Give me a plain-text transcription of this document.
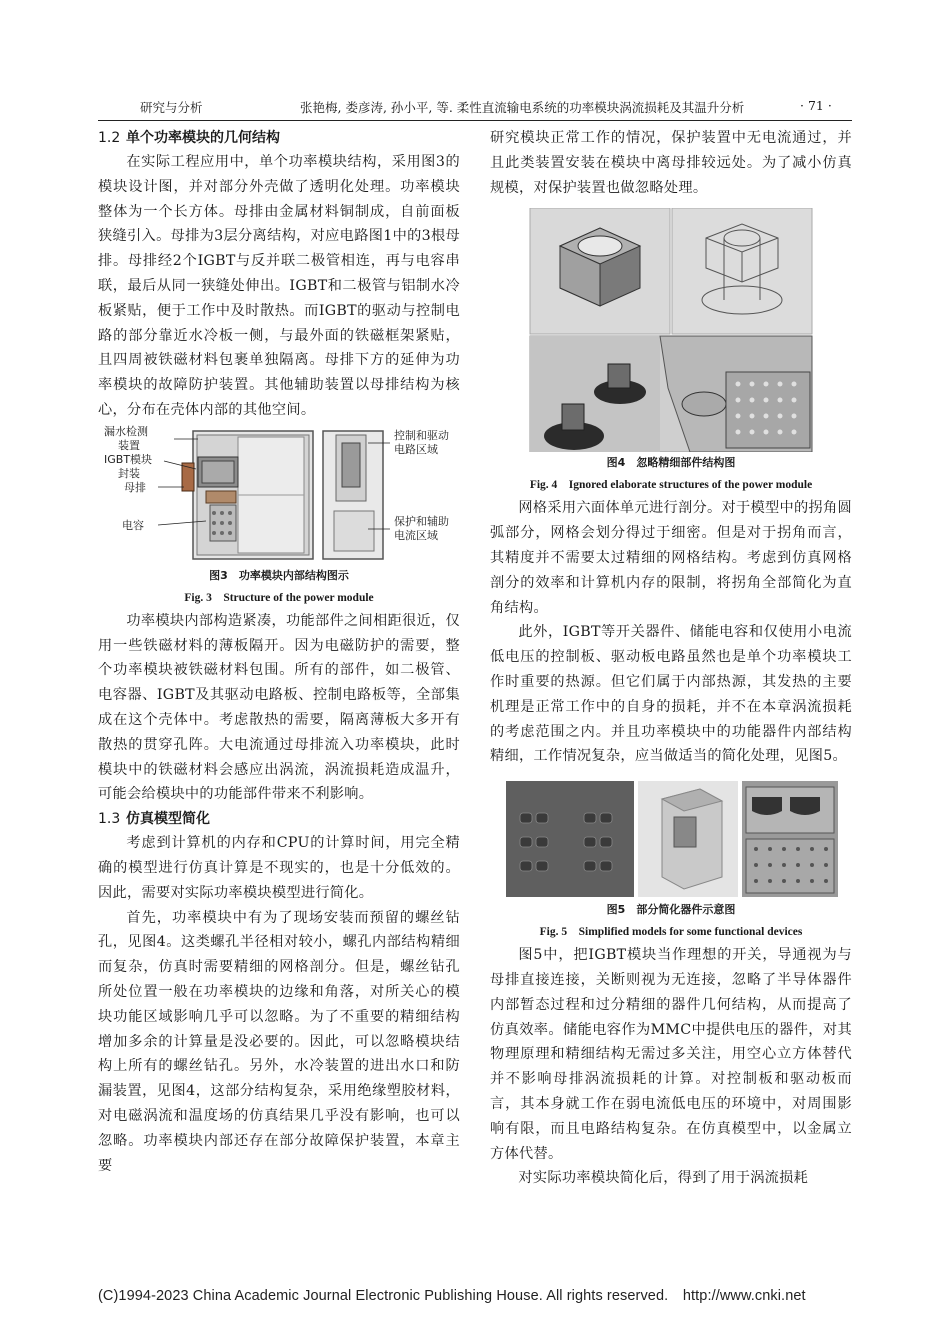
研究与分析	张艳梅, 娄彦涛, 孙小平, 等. 柔性直流输电系统的功率模块涡流损耗及其温升分析	· 71 ·
1.2 单个功率模块的几何结构

在实际工程应用中，单个功率模块结构，采用图3的模块设计图，并对部分外壳做了透明化处理。功率模块整体为一个长方体。母排由金属材料铜制成，自前面板狭缝引入。母排为3层分离结构，对应电路图1中的3根母排。母排经2个IGBT与反并联二极管相连，再与电容串联，最后从同一狭缝处伸出。IGBT和二极管与铝制水冷板紧贴，便于工作中及时散热。而IGBT的驱动与控制电路的部分靠近水冷板一侧，与最外面的铁磁框架紧贴，且四周被铁磁材料包裹单独隔离。母排下方的延伸为功率模块的故障防护装置。其他辅助装置以母排结构为核心，分布在壳体内部的其他空间。

漏水检测
装置
IGBT模块
封装
母排
电容
控制和驱动
电路区域
保护和辅助
电流区域
图3　功率模块内部结构图示
Fig. 3　Structure of the power module

功率模块内部构造紧凑，功能部件之间相距很近，仅用一些铁磁材料的薄板隔开。因为电磁防护的需要，整个功率模块被铁磁材料包围。所有的部件，如二极管、电容器、IGBT及其驱动电路板、控制电路板等，全部集成在这个壳体中。考虑散热的需要，隔离薄板大多开有散热的贯穿孔阵。大电流通过母排流入功率模块，此时模块中的铁磁材料会感应出涡流，涡流损耗造成温升，可能会给模块中的功能部件带来不利影响。

1.3 仿真模型简化

考虑到计算机的内存和CPU的计算时间，用完全精确的模型进行仿真计算是不现实的，也是十分低效的。因此，需要对实际功率模块模型进行简化。

首先，功率模块中有为了现场安装而预留的螺丝钻孔，见图4。这类螺孔半径相对较小，螺孔内部结构精细而复杂，仿真时需要精细的网格剖分。但是，螺丝钻孔所处位置一般在功率模块的边缘和角落，对所关心的模块功能区域影响几乎可以忽略。为了不重要的精细结构增加多余的计算量是没必要的。因此，可以忽略模块结构上所有的螺丝钻孔。另外，水冷装置的进出水口和防漏装置，见图4，这部分结构复杂，采用绝缘塑胶材料，对电磁涡流和温度场的仿真结果几乎没有影响，也可以忽略。功率模块内部还存在部分故障保护装置，本章主要

研究模块正常工作的情况，保护装置中无电流通过，并且此类装置安装在模块中离母排较远处。为了减小仿真规模，对保护装置也做忽略处理。

图4　忽略精细部件结构图
Fig. 4　Ignored elaborate structures of the power module

网格采用六面体单元进行剖分。对于模型中的拐角圆弧部分，网格会划分得过于细密。但是对于拐角而言，其精度并不需要太过精细的网格结构。考虑到仿真网格剖分的效率和计算机内存的限制，将拐角全部简化为直角结构。

此外，IGBT等开关器件、储能电容和仅使用小电流低电压的控制板、驱动板电路虽然也是单个功率模块工作时重要的热源。但它们属于内部热源，其发热的主要机理是正常工作中的自身的损耗，并不在本章涡流损耗的考虑范围之内。并且功率模块中的功能器件内部结构精细，工作情况复杂，应当做适当的简化处理，见图5。

图5　部分简化器件示意图
Fig. 5　Simplified models for some functional devices

图5中，把IGBT模块当作理想的开关，导通视为与母排直接连接，关断则视为无连接，忽略了半导体器件内部暂态过程和过分精细的器件几何结构，从而提高了仿真效率。储能电容作为MMC中提供电压的器件，对其物理原理和精细结构无需过多关注，用空心立方体替代并不影响母排涡流损耗的计算。对控制板和驱动板而言，其本身就工作在弱电流低电压的环境中，对周围影响有限，而且电路结构复杂。在仿真模型中，以金属立方体代替。

对实际功率模块简化后，得到了用于涡流损耗

(C)1994-2023 China Academic Journal Electronic Publishing House. All rights reserved.　http://www.cnki.net
